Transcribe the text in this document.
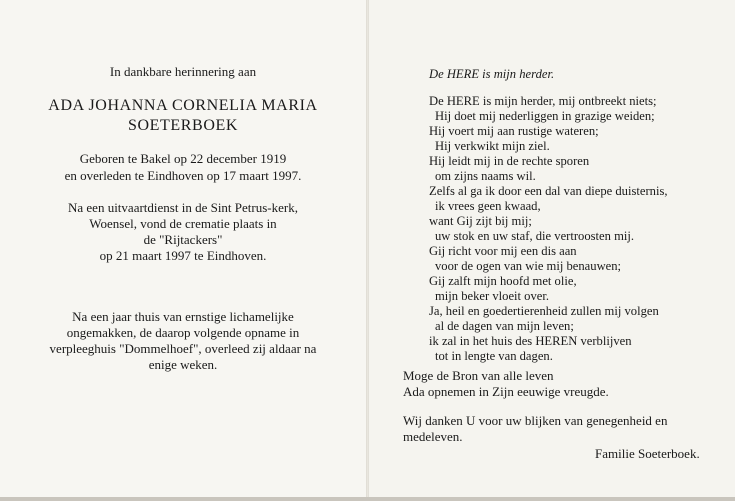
In dankbare herinnering aan
ADA JOHANNA CORNELIA MARIA
SOETERBOEK
Geboren te Bakel op 22 december 1919
en overleden te Eindhoven op 17 maart 1997.
Na een uitvaartdienst in de Sint Petrus-kerk,
Woensel, vond de crematie plaats in
de "Rijtackers"
op 21 maart 1997 te Eindhoven.
Na een jaar thuis van ernstige lichamelijke
ongemakken, de daarop volgende opname in
verpleeghuis "Dommelhoef", overleed zij aldaar na
enige weken.
De HERE is mijn herder.
De HERE is mijn herder, mij ontbreekt niets;
Hij doet mij nederliggen in grazige weiden;
Hij voert mij aan rustige wateren;
Hij verkwikt mijn ziel.
Hij leidt mij in de rechte sporen
om zijns naams wil.
Zelfs al ga ik door een dal van diepe duisternis,
ik vrees geen kwaad,
want Gij zijt bij mij;
uw stok en uw staf, die vertroosten mij.
Gij richt voor mij een dis aan
voor de ogen van wie mij benauwen;
Gij zalft mijn hoofd met olie,
mijn beker vloeit over.
Ja, heil en goedertierenheid zullen mij volgen
al de dagen van mijn leven;
ik zal in het huis des HEREN verblijven
tot in lengte van dagen.
Moge de Bron van alle leven
Ada opnemen in Zijn eeuwige vreugde.
Wij danken U voor uw blijken van genegenheid en
medeleven.
Familie Soeterboek.
